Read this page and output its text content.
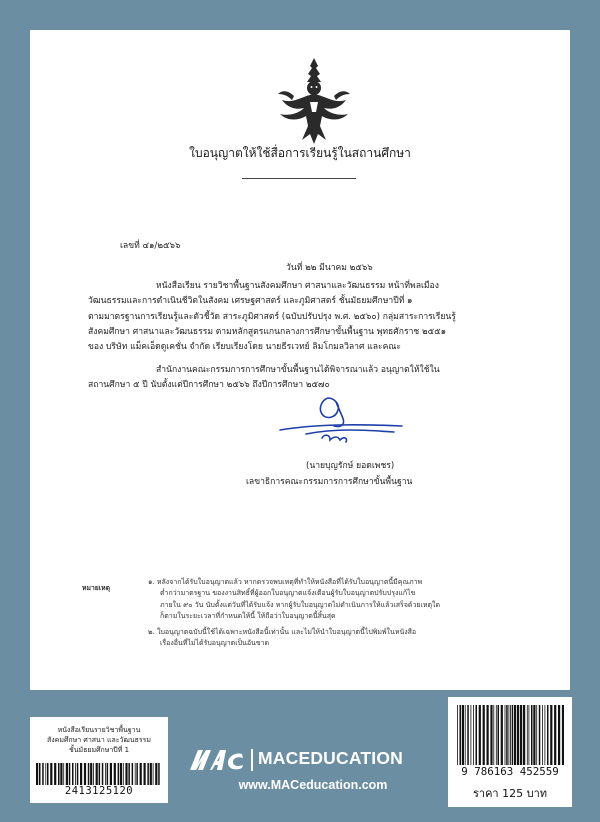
ใบอนุญาตให้ใช้สื่อการเรียนรู้ในสถานศึกษา
เลขที่ ๔๑/๒๕๖๖
วันที่ ๒๒ มีนาคม ๒๕๖๖
หนังสือเรียน รายวิชาพื้นฐานสังคมศึกษา ศาสนาและวัฒนธรรม หน้าที่พลเมือง
วัฒนธรรมและการดำเนินชีวิตในสังคม เศรษฐศาสตร์ และภูมิศาสตร์ ชั้นมัธยมศึกษาปีที่ ๑
ตามมาตรฐานการเรียนรู้และตัวชี้วัด สาระภูมิศาสตร์ (ฉบับปรับปรุง พ.ศ. ๒๕๖๐) กลุ่มสาระการเรียนรู้
สังคมศึกษา ศาสนาและวัฒนธรรม ตามหลักสูตรแกนกลางการศึกษาขั้นพื้นฐาน พุทธศักราช ๒๕๕๑
ของ บริษัท แม็คเอ็ดดูเคชั่น จำกัด เรียบเรียงโดย นายธีรเวทย์ ลิมโกมลวิลาศ และคณะ
สำนักงานคณะกรรมการการศึกษาขั้นพื้นฐานได้พิจารณาแล้ว อนุญาตให้ใช้ใน
สถานศึกษา ๕ ปี นับตั้งแต่ปีการศึกษา ๒๕๖๖ ถึงปีการศึกษา ๒๕๗๐
(นายบุญรักษ์ ยอดเพชร)
เลขาธิการคณะกรรมการการศึกษาขั้นพื้นฐาน
หมายเหตุ
๑. หลังจากได้รับใบอนุญาตแล้ว หากตรวจพบเหตุที่ทำให้หนังสือที่ได้รับใบอนุญาตนี้มีคุณภาพ
ต่ำกว่ามาตรฐาน ของงานสิทธิ์ที่ผู้ออกใบอนุญาตแจ้งเตือนผู้รับใบอนุญาตปรับปรุงแก้ไข
ภายใน ๙๐ วัน นับตั้งแต่วันที่ได้รับแจ้ง หากผู้รับใบอนุญาตไม่ดำเนินการให้แล้วเสร็จด้วยเหตุใด
ก็ตามในระยะเวลาที่กำหนดให้นี้ ให้ถือว่าใบอนุญาตนี้สิ้นสุด
๒. ใบอนุญาตฉบับนี้ใช้ได้เฉพาะหนังสือนี้เท่านั้น และไม่ให้นำใบอนุญาตนี้ไปพิมพ์ในหนังสือ
เรื่องอื่นที่ไม่ได้รับอนุญาตเป็นอันขาด
หนังสือเรียนรายวิชาพื้นฐาน
สังคมศึกษา ศาสนา และวัฒนธรรม
ชั้นมัธยมศึกษาปีที่ 1
2413125120
MACEDUCATION
www.MACeducation.com
9 786163 452559
ราคา 125 บาท
